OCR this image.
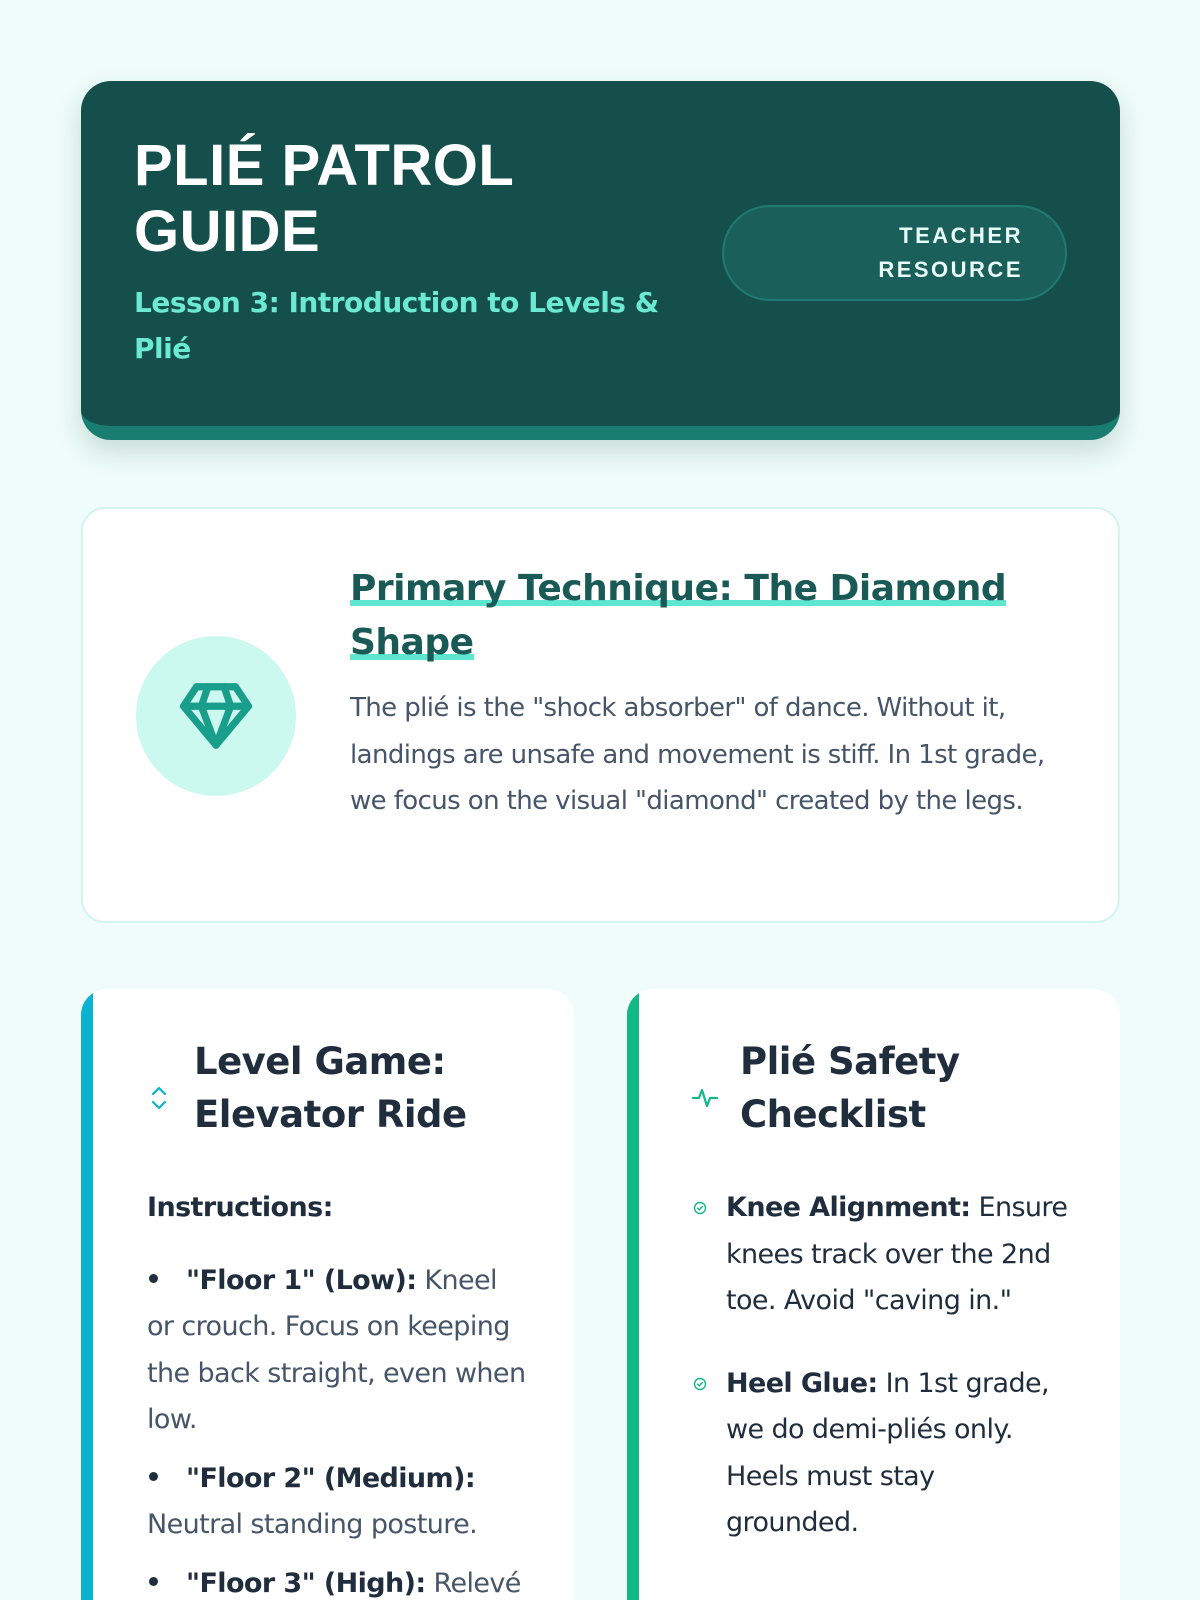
PLIÉ PATROL GUIDE
Lesson 3: Introduction to Levels & Plié
TEACHER RESOURCE
Primary Technique: The Diamond Shape

The plié is the "shock absorber" of dance. Without it, landings are unsafe and movement is stiff. In 1st grade, we focus on the visual "diamond" created by the legs.

Level Game: Elevator Ride
Instructions:
"Floor 1" (Low): Kneel or crouch. Focus on keeping the back straight, even when low.
"Floor 2" (Medium): Neutral standing posture.
"Floor 3" (High): Relevé
Plié Safety Checklist
Knee Alignment: Ensure knees track over the 2nd toe. Avoid "caving in."
Heel Glue: In 1st grade, we do demi-pliés only. Heels must stay grounded.
